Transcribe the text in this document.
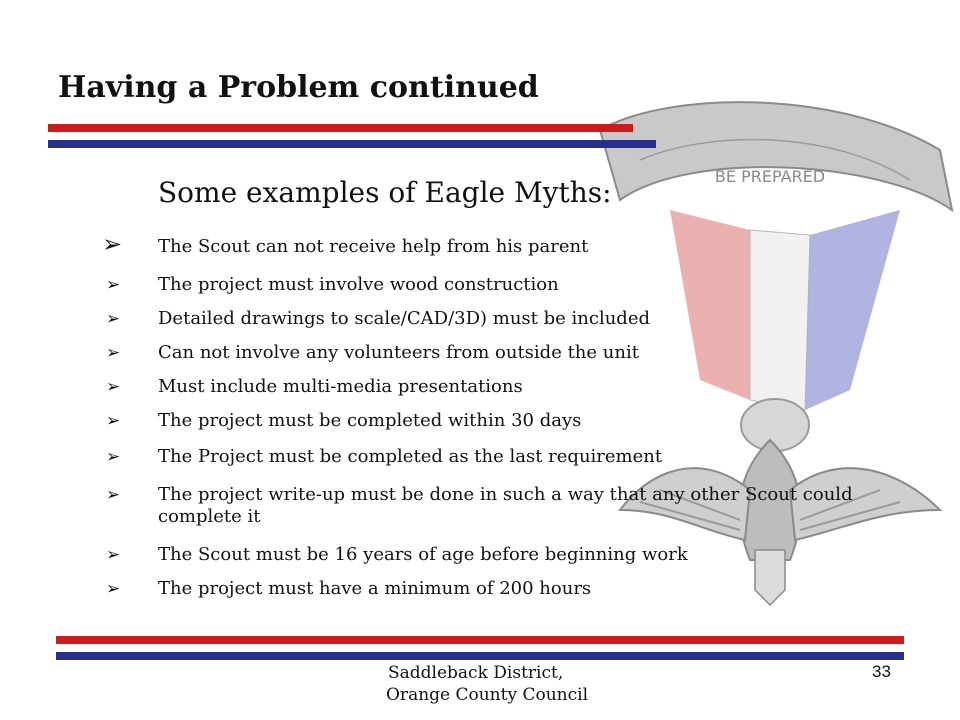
BE PREPARED
Having a Problem continued
Some examples of Eagle Myths:
➢ The Scout can not receive help from his parent
➢ The project must involve wood construction
➢ Detailed drawings to scale/CAD/3D) must be included
➢ Can not involve any volunteers from outside the unit
➢ Must include multi-media presentations
➢ The project must be completed within 30 days
➢ The Project must be completed as the last requirement
➢ The project write-up must be done in such a way that any other Scout could complete it
➢ The Scout must be 16 years of age before beginning work
➢ The project must have a minimum of 200 hours
Saddleback District,
Orange County Council
33
